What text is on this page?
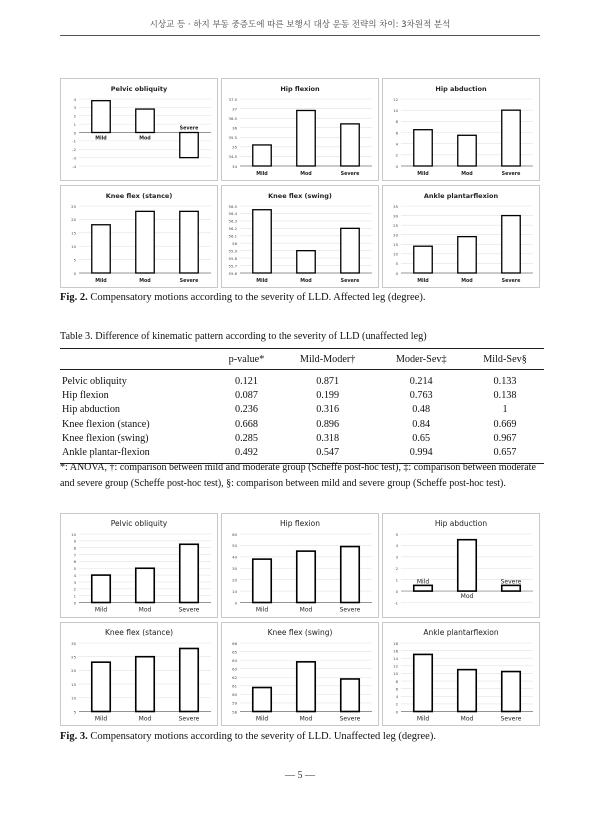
시상교 등 · 하지 부동 중증도에 따른 보행시 대상 운동 전략의 차이: 3차원적 분석
Pelvic obliquity
4
3
2
1
0
-1
-2
-3
-4
Mild	Mod
Severe
Hip flexion
37.5
37
36.5
36
35.5
35
34.5
34
Mild	Mod	Severe
Hip abduction
12
10
8
6
4
2
0
Mild	Mod	Severe
Knee flex (stance)
25
20
15
10
5
0
Mild	Mod	Severe
Knee flex (swing)
56.5
56.4
56.3
56.2
56.1
56
55.9
55.8
55.7
55.6
Mild	Mod	Severe
Ankle plantarflexion
35
30
25
20
15
10
5
0
Mild	Mod	Severe
Fig. 2. Compensatory motions according to the severity of LLD. Affected leg (degree).
Table 3. Difference of kinematic pattern according to the severity of LLD (unaffected leg)
	p-value*	Mild-Moder†	Moder-Sev‡	Mild-Sev§
Pelvic obliquity	0.121	0.871	0.214	0.133
Hip flexion	0.087	0.199	0.763	0.138
Hip abduction	0.236	0.316	0.48	1
Knee flexion (stance)	0.668	0.896	0.84	0.669
Knee flexion (swing)	0.285	0.318	0.65	0.967
Ankle plantar-flexion	0.492	0.547	0.994	0.657
*: ANOVA, †: comparison between mild and moderate group (Scheffe post-hoc test), ‡: comparison between moderate and severe group (Scheffe post-hoc test), §: comparison between mild and severe group (Scheffe post-hoc test).
Pelvic obliquity
10
9
8
7
6
5
4
3
2
1
0
Mild	Mod	Severe
Hip flexion
60
50
40
30
20
10
0
Mild	Mod	Severe
Hip abduction
5
4
3
2
1
0
-1
Mild
Mod
Severe
Knee flex (stance)
30
25
20
15
10
5
Mild	Mod	Severe
Knee flex (swing)
66
65
64
63
62
61
60
59
58
Mild	Mod	Severe
Ankle plantarflexion
18
16
14
12
10
8
6
4
2
0
Mild	Mod	Severe
Fig. 3. Compensatory motions according to the severity of LLD. Unaffected leg (degree).
— 5 —
